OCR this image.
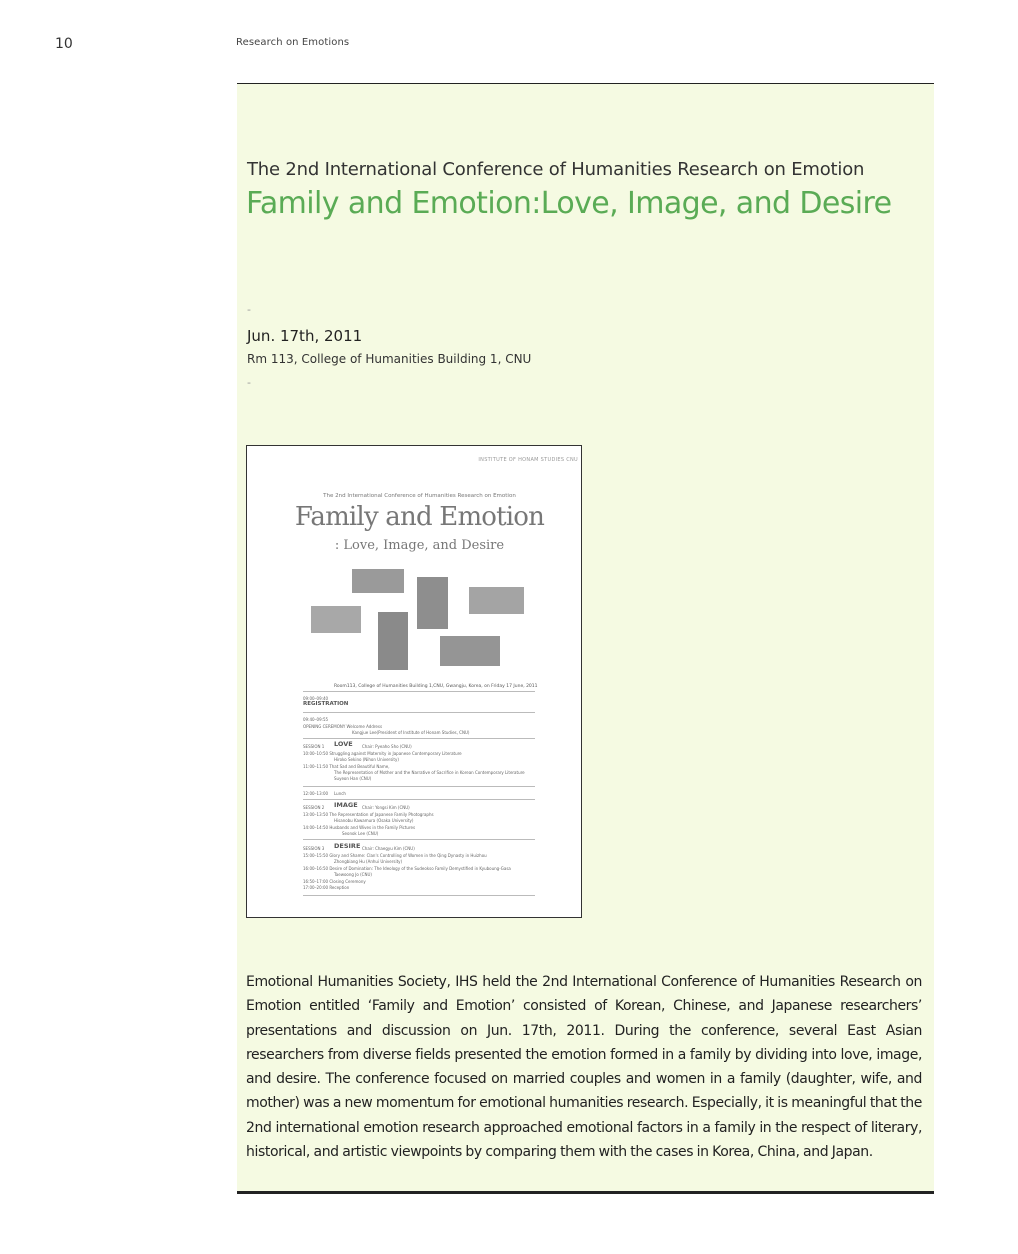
10	Research on Emotions
The 2nd International Conference of Humanities Research on Emotion
Family and Emotion:Love, Image, and Desire
-
Jun. 17th, 2011
Rm 113, College of Humanities Building 1, CNU
-
INSTITUTE OF HONAM STUDIES CNU
The 2nd International Conference of Humanities Research on Emotion
Family and Emotion
: Love, Image, and Desire
Room113, College of Humanities Building 1,CNU, Gwangju, Korea, on Friday 17 June, 2011
09:00–09:40
REGISTRATION
09:40–09:55
OPENING CEREMONY Welcome Address
Kangjue Lee(President of Institute of Honam Studies, CNU)
SESSION 1 LOVE Chair: Pyeaho Sho (CNU)
10:00–10:50 Struggling against Maternity in Japanese Contemporary Literature
Hiroko Sekino (Nihon University)
11:00–11:50 That Sad and Beautiful Name,
The Representation of Mother and the Narrative of Sacrifice in Korean Contemporary Literature
Suyeon Han (CNU)
12:00–13:00 Lunch
SESSION 2 IMAGE Chair: Yongsi Kim (CNU)
13:00–13:50 The Representation of Japanese Family Photographs
Hisanobu Kawamura (Osaka University)
14:00–14:50 Husbands and Wives in the Family Pictures
Seonok Lee (CNU)
SESSION 3 DESIRE Chair: Chaegyu Kim (CNU)
15:00–15:50 Glory and Shame: Clan's Controlling of Women in the Qing Dynasty in Huizhou
Zhongbiang Hu (Anhui University)
16:00–16:50 Desire of Domination: The Ideology of the Sudeokso Family Demystified in Kyuboung-Gasa
Taewoong Jo (CNU)
16:50–17:00 Closing Ceremony
17:00–20:00 Reception

Emotional Humanities Society, IHS held the 2nd International Conference of Humanities Research on Emotion entitled ‘Family and Emotion’ consisted of Korean, Chinese, and Japanese researchers’ presentations and discussion on Jun. 17th, 2011. During the conference, several East Asian researchers from diverse fields presented the emotion formed in a family by dividing into love, image, and desire. The conference focused on married couples and women in a family (daughter, wife, and mother) was a new momentum for emotional humanities research. Especially, it is meaningful that the 2nd international emotion research approached emotional factors in a family in the respect of literary, historical, and artistic viewpoints by comparing them with the cases in Korea, China, and Japan.
